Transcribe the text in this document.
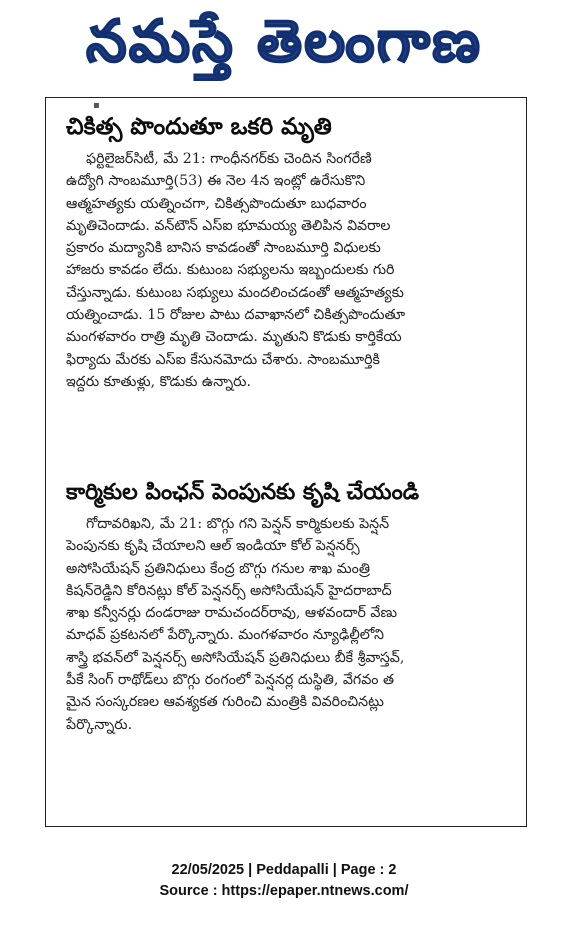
నమస్తే తెలంగాణ
▪
చికిత్స పొందుతూ ఒకరి మృతి
ఫర్టిలైజర్‌సిటీ, మే 21: గాంధీనగర్‌కు చెందిన సింగరేణి
ఉద్యోగి సాంబమూర్తి(53) ఈ నెల 4న ఇంట్లో ఉరేసుకొని
ఆత్మహత్యకు యత్నించగా, చికిత్సపొందుతూ బుధవారం
మృతిచెందాడు. వన్‌టౌన్ ఎస్ఐ భూమయ్య తెలిపిన వివరాల
ప్రకారం మద్యానికి బానిస కావడంతో సాంబమూర్తి విధులకు
హాజరు కావడం లేదు. కుటుంబ సభ్యులను ఇబ్బందులకు గురి
చేస్తున్నాడు. కుటుంబ సభ్యులు మందలించడంతో ఆత్మహత్యకు
యత్నించాడు. 15 రోజుల పాటు దవాఖానలో చికిత్సపొందుతూ
మంగళవారం రాత్రి మృతి చెందాడు. మృతుని కొడుకు కార్తికేయ
ఫిర్యాదు మేరకు ఎస్ఐ కేసునమోదు చేశారు. సాంబమూర్తికి
ఇద్దరు కూతుళ్లు, కొడుకు ఉన్నారు.
కార్మికుల పింఛన్ పెంపునకు కృషి చేయండి
గోదావరిఖని, మే 21: బొగ్గు గని పెన్షన్ కార్మికులకు పెన్షన్
పెంపునకు కృషి చేయాలని ఆల్ ఇండియా కోల్ పెన్షనర్స్
అసోసియేషన్ ప్రతినిధులు కేంద్ర బొగ్గు గనుల శాఖ మంత్రి
కిషన్‌రెడ్డిని కోరినట్లు కోల్ పెన్షనర్స్ అసోసియేషన్ హైదరాబాద్
శాఖ కన్వీనర్లు దండరాజు రామచందర్‌రావు, ఆళవందార్ వేణు
మాధవ్ ప్రకటనలో పేర్కొన్నారు. మంగళవారం న్యూఢిల్లీలోని
శాస్త్రి భవన్‌లో పెన్షనర్స్ అసోసియేషన్ ప్రతినిధులు బీకే శ్రీవాస్తవ్,
పీకే సింగ్ రాథోడ్‌లు బొగ్గు రంగంలో పెన్షనర్ల దుస్థితి, వేగవం త
మైన సంస్కరణల ఆవశ్యకత గురించి మంత్రికి వివరించినట్లు
పేర్కొన్నారు.
22/05/2025 | Peddapalli | Page : 2
Source : https://epaper.ntnews.com/
